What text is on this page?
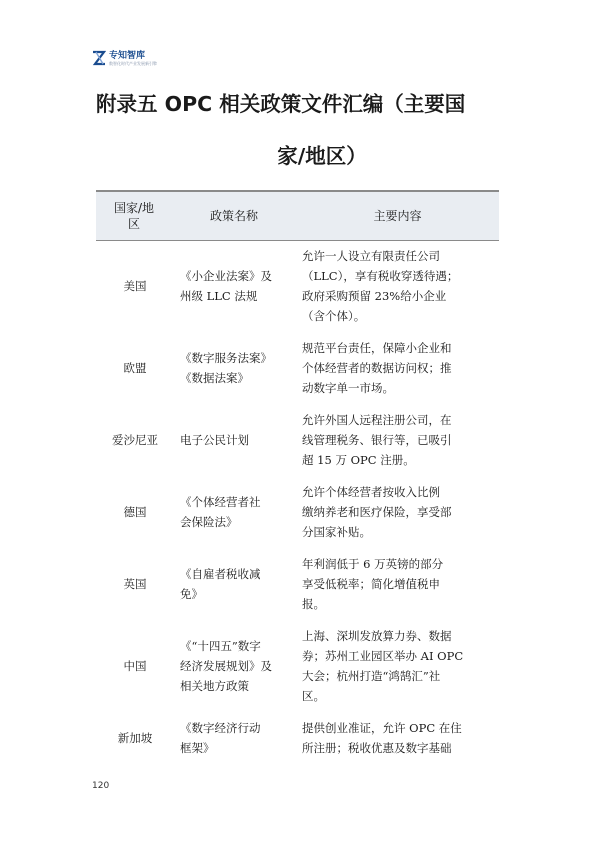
专知智库
数智化时代产业发展新引擎
附录五 OPC 相关政策文件汇编（主要国
家/地区）
国家/地
区
政策名称	主要内容
美国
《小企业法案》及
州级 LLC 法规
允许一人设立有限责任公司
（LLC），享有税收穿透待遇；
政府采购预留 23%给小企业
（含个体）。
欧盟
《数字服务法案》
《数据法案》
规范平台责任，保障小企业和
个体经营者的数据访问权；推
动数字单一市场。
爱沙尼亚	电子公民计划
允许外国人远程注册公司，在
线管理税务、银行等，已吸引
超 15 万 OPC 注册。
德国
《个体经营者社
会保险法》
允许个体经营者按收入比例
缴纳养老和医疗保险，享受部
分国家补贴。
英国
《自雇者税收减
免》
年利润低于 6 万英镑的部分
享受低税率；简化增值税申
报。
中国
《“十四五”数字
经济发展规划》及
相关地方政策
上海、深圳发放算力券、数据
券；苏州工业园区举办 AI OPC
大会；杭州打造“鸿鹄汇”社
区。
新加坡
《数字经济行动
框架》
提供创业准证，允许 OPC 在住
所注册；税收优惠及数字基础
120
